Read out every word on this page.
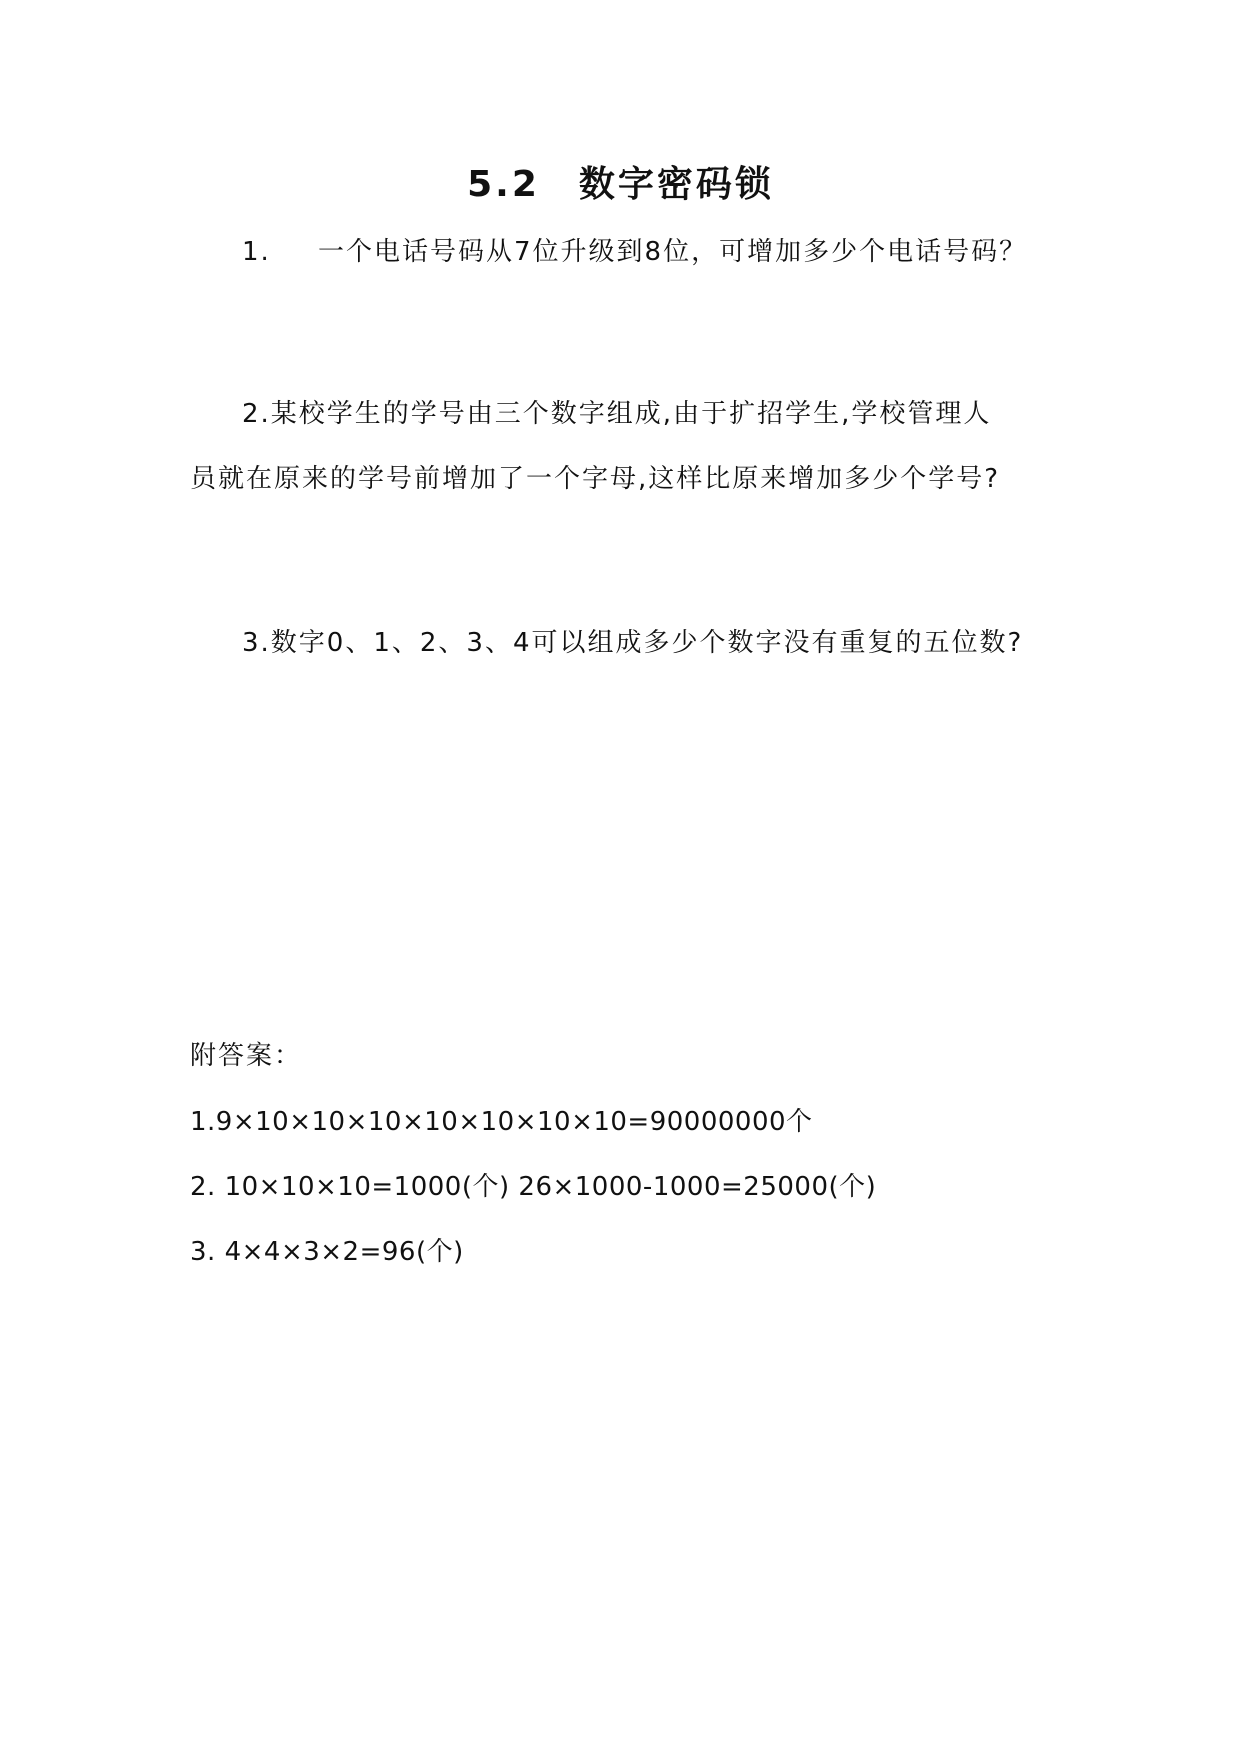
5.2　数字密码锁
1. 一个电话号码从7位升级到8位，可增加多少个电话号码？
2.某校学生的学号由三个数字组成,由于扩招学生,学校管理人
员就在原来的学号前增加了一个字母,这样比原来增加多少个学号?
3.数字0、1、2、3、4可以组成多少个数字没有重复的五位数?
附答案：
1.9×10×10×10×10×10×10×10=90000000个
2. 10×10×10=1000(个) 26×1000-1000=25000(个)
3. 4×4×3×2=96(个)
